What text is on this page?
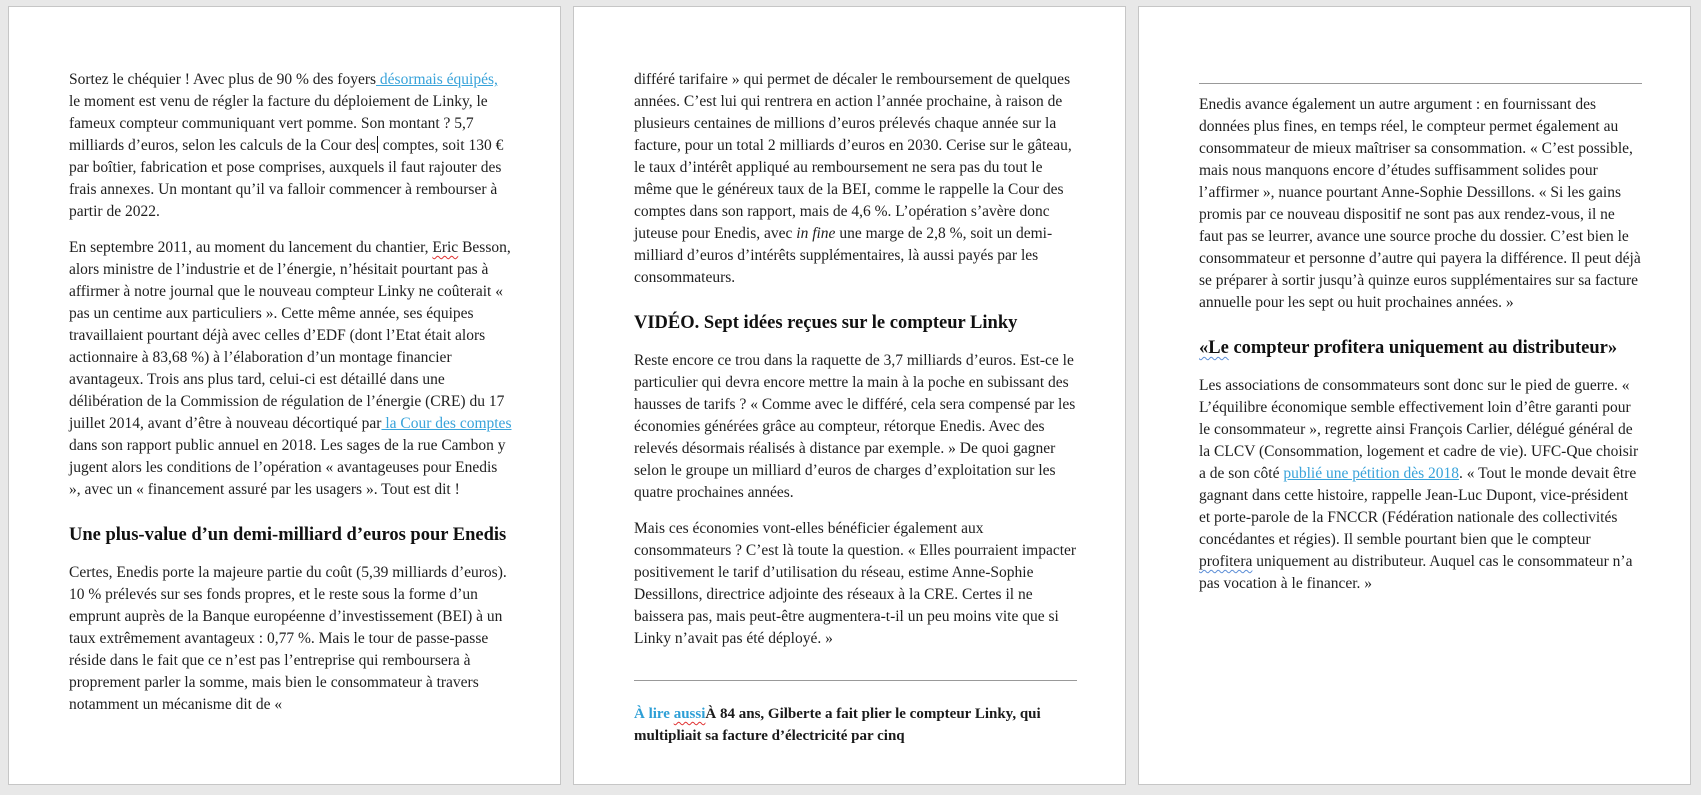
Sortez le chéquier ! Avec plus de 90 % des foyers désormais équipés, le moment est venu de régler la facture du déploiement de Linky, le fameux compteur communiquant vert pomme. Son montant ? 5,7 milliards d’euros, selon les calculs de la Cour des comptes, soit 130 € par boîtier, fabrication et pose comprises, auxquels il faut rajouter des frais annexes. Un montant qu’il va falloir commencer à rembourser à partir de 2022.

En septembre 2011, au moment du lancement du chantier, Eric Besson, alors ministre de l’industrie et de l’énergie, n’hésitait pourtant pas à affirmer à notre journal que le nouveau compteur Linky ne coûterait « pas un centime aux particuliers ». Cette même année, ses équipes travaillaient pourtant déjà avec celles d’EDF (dont l’Etat était alors actionnaire à 83,68 %) à l’élaboration d’un montage financier avantageux. Trois ans plus tard, celui-ci est détaillé dans une délibération de la Commission de régulation de l’énergie (CRE) du 17 juillet 2014, avant d’être à nouveau décortiqué par la Cour des comptes dans son rapport public annuel en 2018. Les sages de la rue Cambon y jugent alors les conditions de l’opération « avantageuses pour Enedis », avec un « financement assuré par les usagers ». Tout est dit !

Une plus-value d’un demi-milliard d’euros pour Enedis

Certes, Enedis porte la majeure partie du coût (5,39 milliards d’euros). 10 % prélevés sur ses fonds propres, et le reste sous la forme d’un emprunt auprès de la Banque européenne d’investissement (BEI) à un taux extrêmement avantageux : 0,77 %. Mais le tour de passe-passe réside dans le fait que ce n’est pas l’entreprise qui remboursera à proprement parler la somme, mais bien le consommateur à travers notamment un mécanisme dit de «

différé tarifaire » qui permet de décaler le remboursement de quelques années. C’est lui qui rentrera en action l’année prochaine, à raison de plusieurs centaines de millions d’euros prélevés chaque année sur la facture, pour un total 2 milliards d’euros en 2030. Cerise sur le gâteau, le taux d’intérêt appliqué au remboursement ne sera pas du tout le même que le généreux taux de la BEI, comme le rappelle la Cour des comptes dans son rapport, mais de 4,6 %. L’opération s’avère donc juteuse pour Enedis, avec in fine une marge de 2,8 %, soit un demi-milliard d’euros d’intérêts supplémentaires, là aussi payés par les consommateurs.

VIDÉO. Sept idées reçues sur le compteur Linky

Reste encore ce trou dans la raquette de 3,7 milliards d’euros. Est-ce le particulier qui devra encore mettre la main à la poche en subissant des hausses de tarifs ? « Comme avec le différé, cela sera compensé par les économies générées grâce au compteur, rétorque Enedis. Avec des relevés désormais réalisés à distance par exemple. » De quoi gagner selon le groupe un milliard d’euros de charges d’exploitation sur les quatre prochaines années.

Mais ces économies vont-elles bénéficier également aux consommateurs ? C’est là toute la question. « Elles pourraient impacter positivement le tarif d’utilisation du réseau, estime Anne-Sophie Dessillons, directrice adjointe des réseaux à la CRE. Certes il ne baissera pas, mais peut-être augmentera-t-il un peu moins vite que si Linky n’avait pas été déployé. »

À lire aussiÀ 84 ans, Gilberte a fait plier le compteur Linky, qui multipliait sa facture d’électricité par cinq

Enedis avance également un autre argument : en fournissant des données plus fines, en temps réel, le compteur permet également au consommateur de mieux maîtriser sa consommation. « C’est possible, mais nous manquons encore d’études suffisamment solides pour l’affirmer », nuance pourtant Anne-Sophie Dessillons. « Si les gains promis par ce nouveau dispositif ne sont pas aux rendez-vous, il ne faut pas se leurrer, avance une source proche du dossier. C’est bien le consommateur et personne d’autre qui payera la différence. Il peut déjà se préparer à sortir jusqu’à quinze euros supplémentaires sur sa facture annuelle pour les sept ou huit prochaines années. »

«Le compteur profitera uniquement au distributeur»

Les associations de consommateurs sont donc sur le pied de guerre. « L’équilibre économique semble effectivement loin d’être garanti pour le consommateur », regrette ainsi François Carlier, délégué général de la CLCV (Consommation, logement et cadre de vie). UFC-Que choisir a de son côté publié une pétition dès 2018. « Tout le monde devait être gagnant dans cette histoire, rappelle Jean-Luc Dupont, vice-président et porte-parole de la FNCCR (Fédération nationale des collectivités concédantes et régies). Il semble pourtant bien que le compteur profitera uniquement au distributeur. Auquel cas le consommateur n’a pas vocation à le financer. »
